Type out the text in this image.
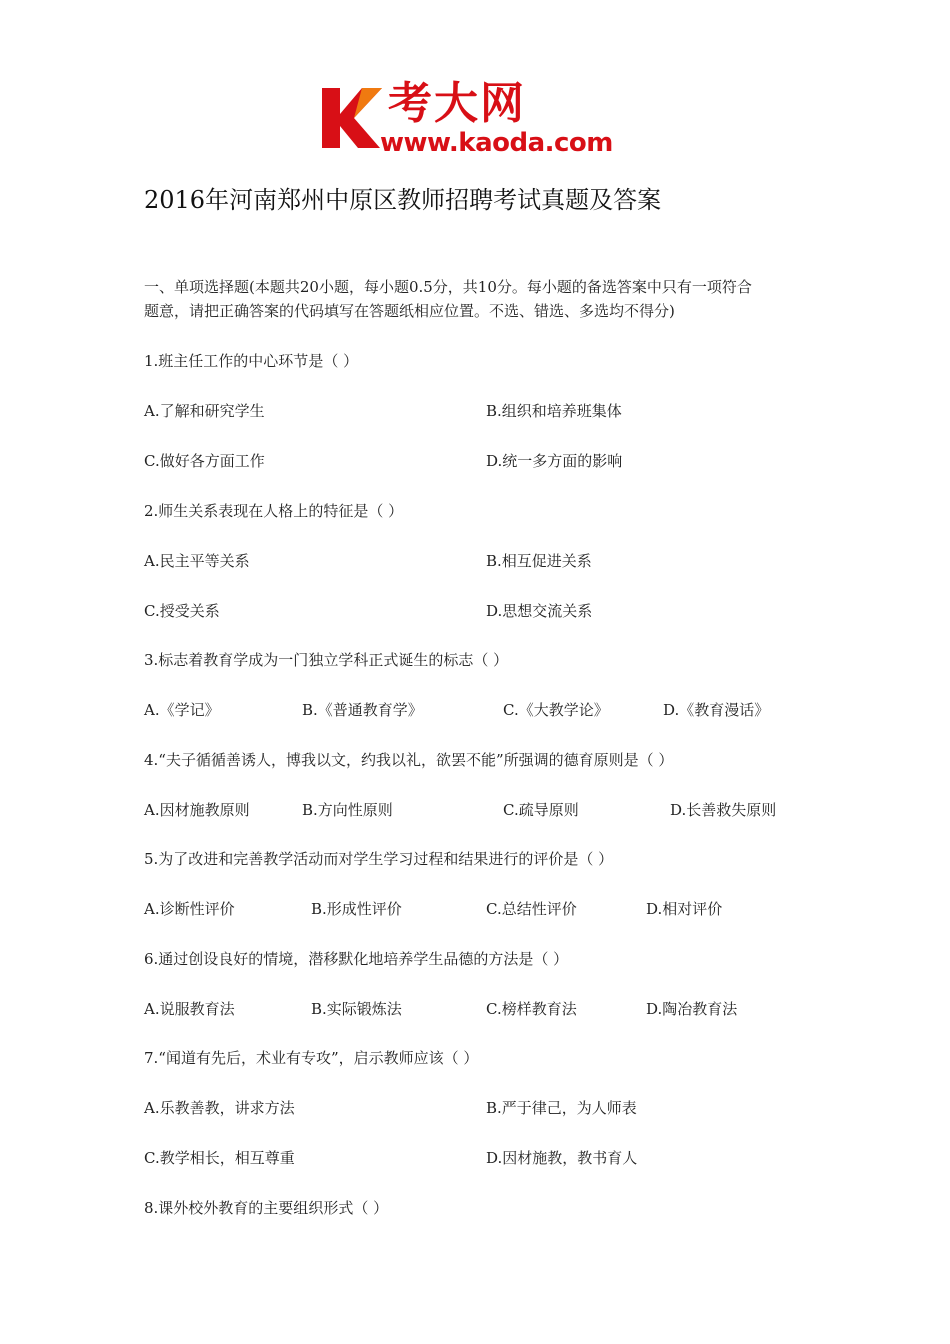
考大网
www.kaoda.com
2016年河南郑州中原区教师招聘考试真题及答案
一、单项选择题(本题共20小题，每小题0.5分，共10分。每小题的备选答案中只有一项符合
题意，请把正确答案的代码填写在答题纸相应位置。不选、错选、多选均不得分)
1.班主任工作的中心环节是（ ）
A.了解和研究学生	B.组织和培养班集体
C.做好各方面工作	D.统一多方面的影响
2.师生关系表现在人格上的特征是（ ）
A.民主平等关系	B.相互促进关系
C.授受关系	D.思想交流关系
3.标志着教育学成为一门独立学科正式诞生的标志（ ）
A.《学记》	B.《普通教育学》	C.《大教学论》	D.《教育漫话》
4.“夫子循循善诱人，博我以文，约我以礼，欲罢不能”所强调的德育原则是（ ）
A.因材施教原则	B.方向性原则	C.疏导原则	D.长善救失原则
5.为了改进和完善教学活动而对学生学习过程和结果进行的评价是（ ）
A.诊断性评价	B.形成性评价	C.总结性评价	D.相对评价
6.通过创设良好的情境，潜移默化地培养学生品德的方法是（ ）
A.说服教育法	B.实际锻炼法	C.榜样教育法	D.陶冶教育法
7.“闻道有先后，术业有专攻”，启示教师应该（ ）
A.乐教善教，讲求方法	B.严于律己，为人师表
C.教学相长，相互尊重	D.因材施教，教书育人
8.课外校外教育的主要组织形式（ ）
